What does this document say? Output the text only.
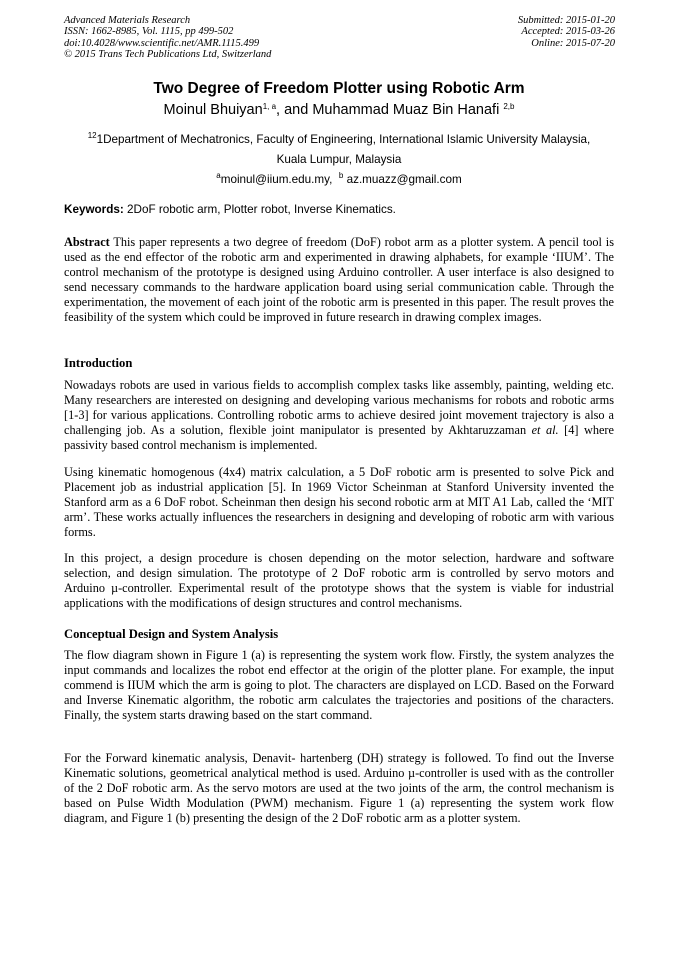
Advanced Materials Research
ISSN: 1662-8985, Vol. 1115, pp 499-502
doi:10.4028/www.scientific.net/AMR.1115.499
© 2015 Trans Tech Publications Ltd, Switzerland
Submitted: 2015-01-20
Accepted: 2015-03-26
Online: 2015-07-20
Two Degree of Freedom Plotter using Robotic Arm
Moinul Bhuiyan$^{1, a}$, and Muhammad Muaz Bin Hanafi $^{2,b}$
$^{12}$1Department of Mechatronics, Faculty of Engineering, International Islamic University Malaysia,
Kuala Lumpur, Malaysia
$^a$moinul@iium.edu.my, $^b$ az.muazz@gmail.com
Keywords: 2DoF robotic arm, Plotter robot, Inverse Kinematics.

Abstract This paper represents a two degree of freedom (DoF) robot arm as a plotter system. A pencil tool is used as the end effector of the robotic arm and experimented in drawing alphabets, for example ‘IIUM’. The control mechanism of the prototype is designed using Arduino controller. A user interface is also designed to send necessary commands to the hardware application board using serial communication cable. Through the experimentation, the movement of each joint of the robotic arm is presented in this paper. The result proves the feasibility of the system which could be improved in future research in drawing complex images.

Introduction

Nowadays robots are used in various fields to accomplish complex tasks like assembly, painting, welding etc. Many researchers are interested on designing and developing various mechanisms for robots and robotic arms [1-3] for various applications. Controlling robotic arms to achieve desired joint movement trajectory is also a challenging job. As a solution, flexible joint manipulator is presented by Akhtaruzzaman et al. [4] where passivity based control mechanism is implemented.

Using kinematic homogenous (4x4) matrix calculation, a 5 DoF robotic arm is presented to solve Pick and Placement job as industrial application [5]. In 1969 Victor Scheinman at Stanford University invented the Stanford arm as a 6 DoF robot. Scheinman then design his second robotic arm at MIT A1 Lab, called the ‘MIT arm’. These works actually influences the researchers in designing and developing of robotic arm with various forms.

In this project, a design procedure is chosen depending on the motor selection, hardware and software selection, and design simulation. The prototype of 2 DoF robotic arm is controlled by servo motors and Arduino µ-controller. Experimental result of the prototype shows that the system is viable for industrial applications with the modifications of design structures and control mechanisms.

Conceptual Design and System Analysis

The flow diagram shown in Figure 1 (a) is representing the system work flow. Firstly, the system analyzes the input commands and localizes the robot end effector at the origin of the plotter plane. For example, the input commend is IIUM which the arm is going to plot. The characters are displayed on LCD. Based on the Forward and Inverse Kinematic algorithm, the robotic arm calculates the trajectories and positions of the characters. Finally, the system starts drawing based on the start command.

For the Forward kinematic analysis, Denavit- hartenberg (DH) strategy is followed. To find out the Inverse Kinematic solutions, geometrical analytical method is used. Arduino µ-controller is used with as the controller of the 2 DoF robotic arm. As the servo motors are used at the two joints of the arm, the control mechanism is based on Pulse Width Modulation (PWM) mechanism. Figure 1 (a) representing the system work flow diagram, and Figure 1 (b) presenting the design of the 2 DoF robotic arm as a plotter system.
